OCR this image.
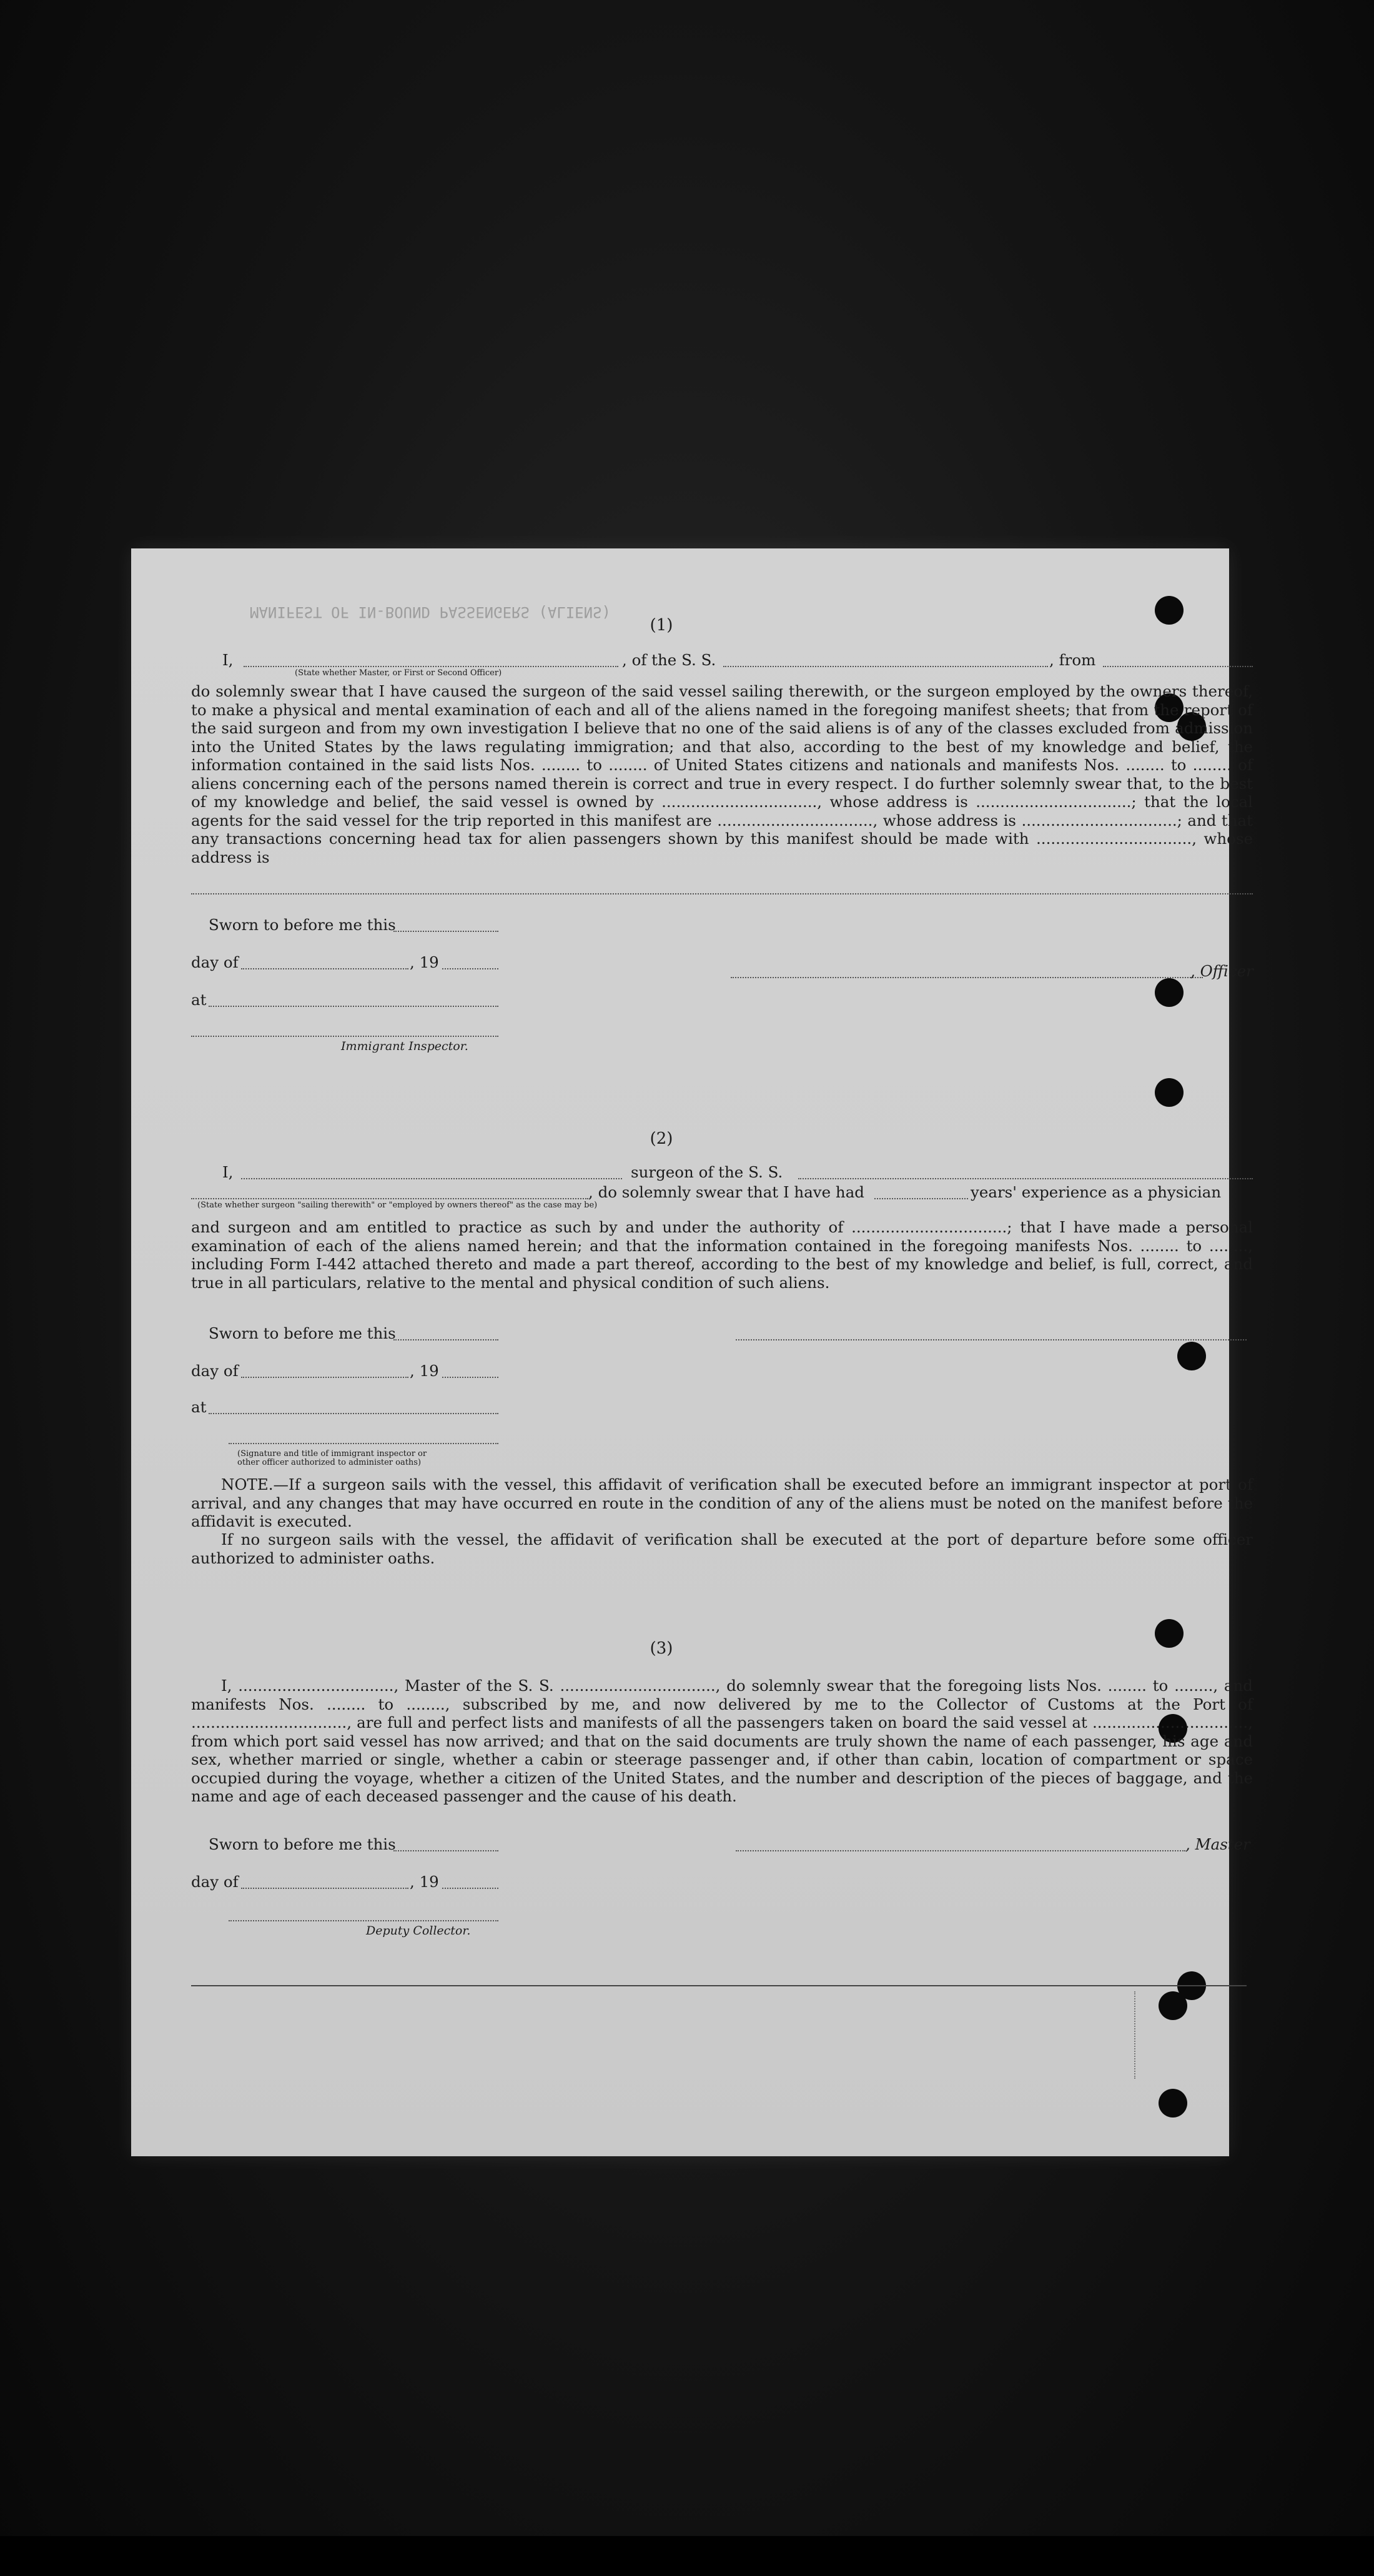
MANIFEST OF IN-BOUND PASSENGERS (ALIENS)
(1)
I,
(State whether Master, or First or Second Officer)
, of the S. S.	, from
do solemnly swear that I have caused the surgeon of the said vessel sailing therewith, or the surgeon employed by the owners thereof, to make a physical and mental examination of each and all of the aliens named in the foregoing manifest sheets; that from the report of the said surgeon and from my own investigation I believe that no one of the said aliens is of any of the classes excluded from admission into the United States by the laws regulating immigration; and that also, according to the best of my knowledge and belief, the information contained in the said lists Nos. ........ to ........ of United States citizens and nationals and manifests Nos. ........ to ........ of aliens concerning each of the persons named therein is correct and true in every respect. I do further solemnly swear that, to the best of my knowledge and belief, the said vessel is owned by ................................, whose address is ................................; that the local agents for the said vessel for the trip reported in this manifest are ................................, whose address is ................................; and that any transactions concerning head tax for alien passengers shown by this manifest should be made with ................................, whose address is
Sworn to before me this
day of	, 19	, Officer
at
Immigrant Inspector.
(2)
I,	surgeon of the S. S.
, do solemnly swear that I have had	years' experience as a physician
(State whether surgeon "sailing therewith" or "employed by owners thereof" as the case may be)
and surgeon and am entitled to practice as such by and under the authority of ................................; that I have made a personal examination of each of the aliens named herein; and that the information contained in the foregoing manifests Nos. ........ to ........, including Form I-442 attached thereto and made a part thereof, according to the best of my knowledge and belief, is full, correct, and true in all particulars, relative to the mental and physical condition of such aliens.
Sworn to before me this
day of	, 19
at
(Signature and title of immigrant inspector or
other officer authorized to administer oaths)
NOTE.—If a surgeon sails with the vessel, this affidavit of verification shall be executed before an immigrant inspector at port of arrival, and any changes that may have occurred en route in the condition of any of the aliens must be noted on the manifest before the affidavit is executed.
If no surgeon sails with the vessel, the affidavit of verification shall be executed at the port of departure before some officer authorized to administer oaths.
(3)
I, ................................, Master of the S. S. ................................, do solemnly swear that the foregoing lists Nos. ........ to ........, and manifests Nos. ........ to ........, subscribed by me, and now delivered by me to the Collector of Customs at the Port of ................................, are full and perfect lists and manifests of all the passengers taken on board the said vessel at ................................, from which port said vessel has now arrived; and that on the said documents are truly shown the name of each passenger, his age and sex, whether married or single, whether a cabin or steerage passenger and, if other than cabin, location of compartment or space occupied during the voyage, whether a citizen of the United States, and the number and description of the pieces of baggage, and the name and age of each deceased passenger and the cause of his death.
Sworn to before me this	, Master
day of	, 19
Deputy Collector.
